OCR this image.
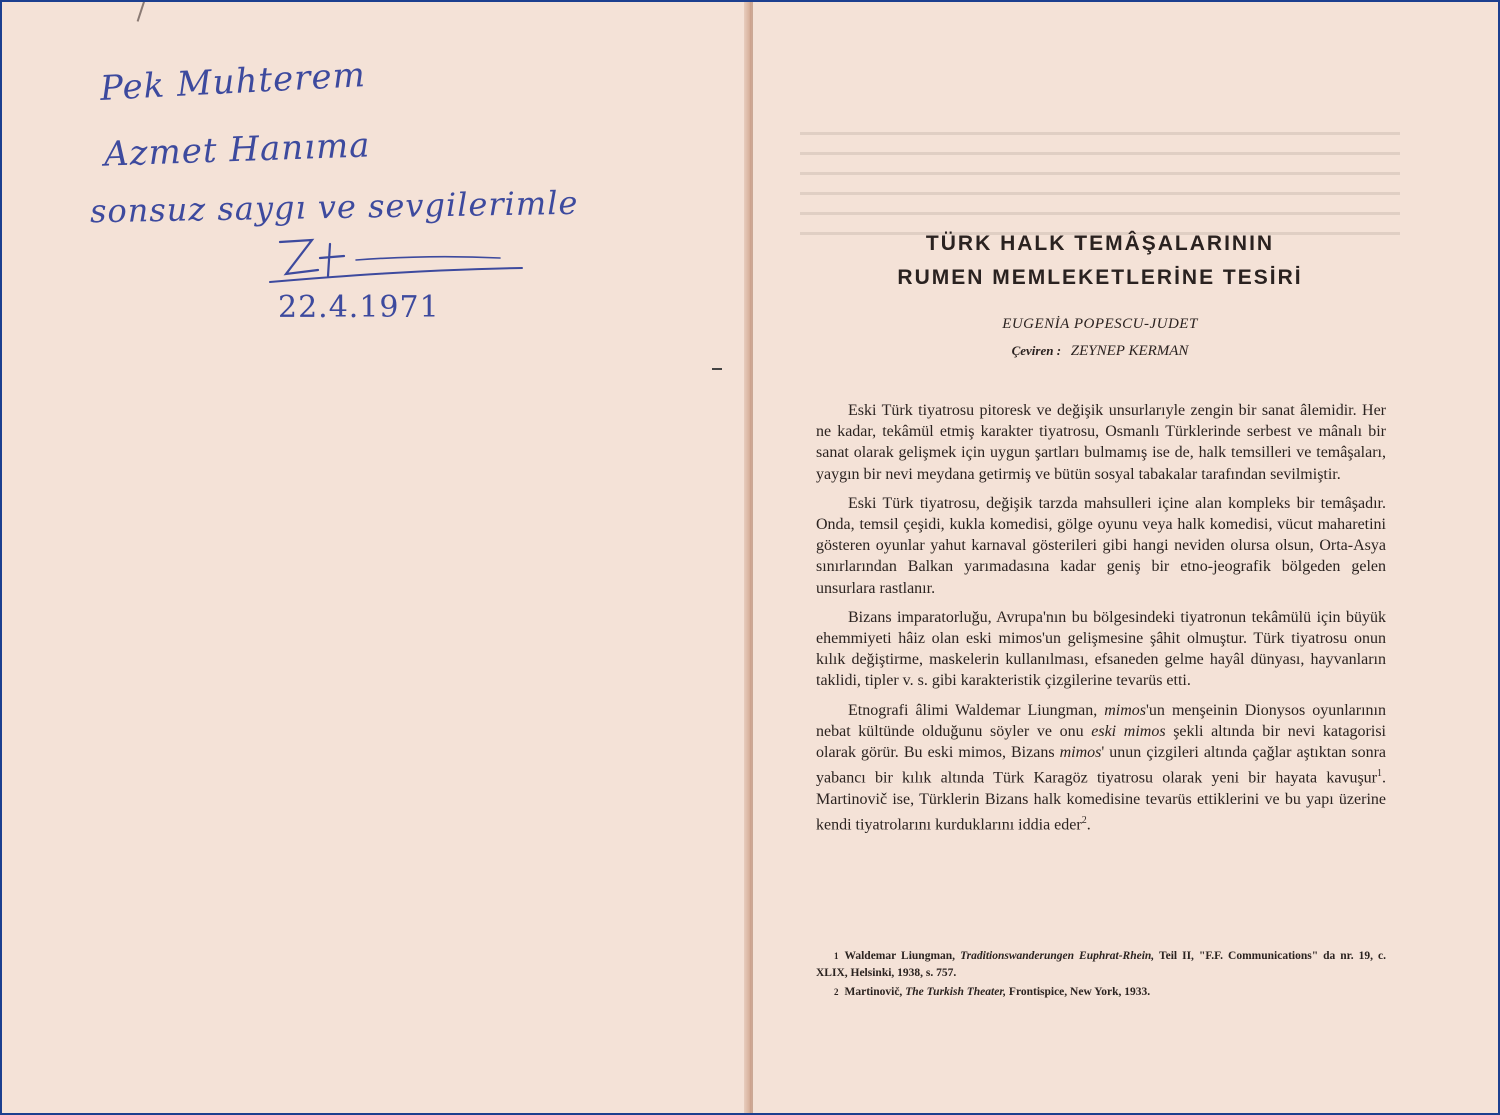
Pek Muhterem
Azmet Hanıma
sonsuz saygı ve sevgilerimle
22.4.1971
TÜRK HALK TEMÂŞALARININ
RUMEN MEMLEKETLERİNE TESİRİ
EUGENİA POPESCU-JUDET
Çeviren : ZEYNEP KERMAN

Eski Türk tiyatrosu pitoresk ve değişik unsurlarıyle zengin bir sanat âlemidir. Her ne kadar, tekâmül etmiş karakter tiyatrosu, Osmanlı Türklerinde serbest ve mânalı bir sanat olarak gelişmek için uygun şartları bulmamış ise de, halk temsilleri ve temâşaları, yaygın bir nevi meydana getirmiş ve bütün sosyal tabakalar tarafından sevilmiştir.

Eski Türk tiyatrosu, değişik tarzda mahsulleri içine alan kompleks bir temâşadır. Onda, temsil çeşidi, kukla komedisi, gölge oyunu veya halk komedisi, vücut maharetini gösteren oyunlar yahut karnaval gösterileri gibi hangi neviden olursa olsun, Orta-Asya sınırlarından Balkan yarımadasına kadar geniş bir etno-jeografik bölgeden gelen unsurlara rastlanır.

Bizans imparatorluğu, Avrupa'nın bu bölgesindeki tiyatronun tekâmülü için büyük ehemmiyeti hâiz olan eski mimos'un gelişmesine şâhit olmuştur. Türk tiyatrosu onun kılık değiştirme, maskelerin kullanılması, efsaneden gelme hayâl dünyası, hayvanların taklidi, tipler v. s. gibi karakteristik çizgilerine tevarüs etti.

Etnografi âlimi Waldemar Liungman, mimos'un menşeinin Dionysos oyunlarının nebat kültünde olduğunu söyler ve onu eski mimos şekli altında bir nevi katagorisi olarak görür. Bu eski mimos, Bizans mimos' unun çizgileri altında çağlar aştıktan sonra yabancı bir kılık altında Türk Karagöz tiyatrosu olarak yeni bir hayata kavuşur$^1$. Martinovič ise, Türklerin Bizans halk komedisine tevarüs ettiklerini ve bu yapı üzerine kendi tiyatrolarını kurduklarını iddia eder$^2$.

1 Waldemar Liungman, Traditionswanderungen Euphrat-Rhein, Teil II, "F.F. Communications" da nr. 19, c. XLIX, Helsinki, 1938, s. 757.

2 Martinovič, The Turkish Theater, Frontispice, New York, 1933.
